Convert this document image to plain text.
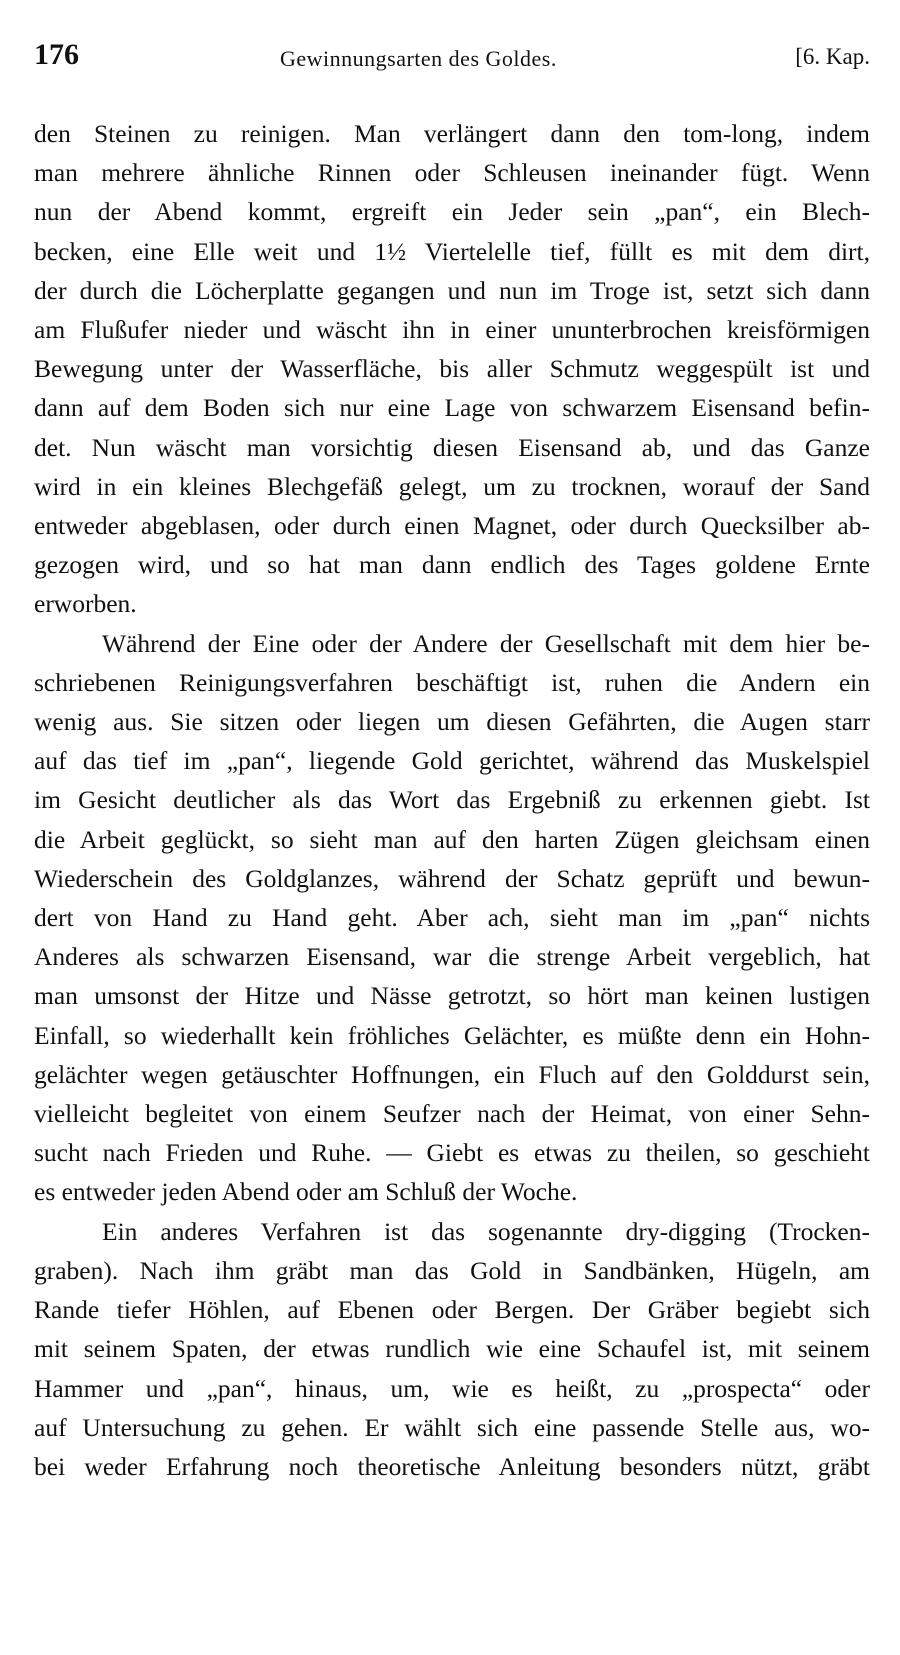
176	Gewinnungsarten des Goldes.	[6. Kap.
den Steinen zu reinigen. Man verlängert dann den tom-long, indem
man mehrere ähnliche Rinnen oder Schleusen ineinander fügt. Wenn
nun der Abend kommt, ergreift ein Jeder sein „pan“, ein Blech-
becken, eine Elle weit und 1½ Viertelelle tief, füllt es mit dem dirt,
der durch die Löcherplatte gegangen und nun im Troge ist, setzt sich dann
am Flußufer nieder und wäscht ihn in einer ununterbrochen kreisförmigen
Bewegung unter der Wasserfläche, bis aller Schmutz weggespült ist und
dann auf dem Boden sich nur eine Lage von schwarzem Eisensand befin-
det. Nun wäscht man vorsichtig diesen Eisensand ab, und das Ganze
wird in ein kleines Blechgefäß gelegt, um zu trocknen, worauf der Sand
entweder abgeblasen, oder durch einen Magnet, oder durch Quecksilber ab-
gezogen wird, und so hat man dann endlich des Tages goldene Ernte
erworben.
Während der Eine oder der Andere der Gesellschaft mit dem hier be-
schriebenen Reinigungsverfahren beschäftigt ist, ruhen die Andern ein
wenig aus. Sie sitzen oder liegen um diesen Gefährten, die Augen starr
auf das tief im „pan“, liegende Gold gerichtet, während das Muskelspiel
im Gesicht deutlicher als das Wort das Ergebniß zu erkennen giebt. Ist
die Arbeit geglückt, so sieht man auf den harten Zügen gleichsam einen
Wiederschein des Goldglanzes, während der Schatz geprüft und bewun-
dert von Hand zu Hand geht. Aber ach, sieht man im „pan“ nichts
Anderes als schwarzen Eisensand, war die strenge Arbeit vergeblich, hat
man umsonst der Hitze und Nässe getrotzt, so hört man keinen lustigen
Einfall, so wiederhallt kein fröhliches Gelächter, es müßte denn ein Hohn-
gelächter wegen getäuschter Hoffnungen, ein Fluch auf den Golddurst sein,
vielleicht begleitet von einem Seufzer nach der Heimat, von einer Sehn-
sucht nach Frieden und Ruhe. — Giebt es etwas zu theilen, so geschieht
es entweder jeden Abend oder am Schluß der Woche.
Ein anderes Verfahren ist das sogenannte dry-digging (Trocken-
graben). Nach ihm gräbt man das Gold in Sandbänken, Hügeln, am
Rande tiefer Höhlen, auf Ebenen oder Bergen. Der Gräber begiebt sich
mit seinem Spaten, der etwas rundlich wie eine Schaufel ist, mit seinem
Hammer und „pan“, hinaus, um, wie es heißt, zu „prospecta“ oder
auf Untersuchung zu gehen. Er wählt sich eine passende Stelle aus, wo-
bei weder Erfahrung noch theoretische Anleitung besonders nützt, gräbt
